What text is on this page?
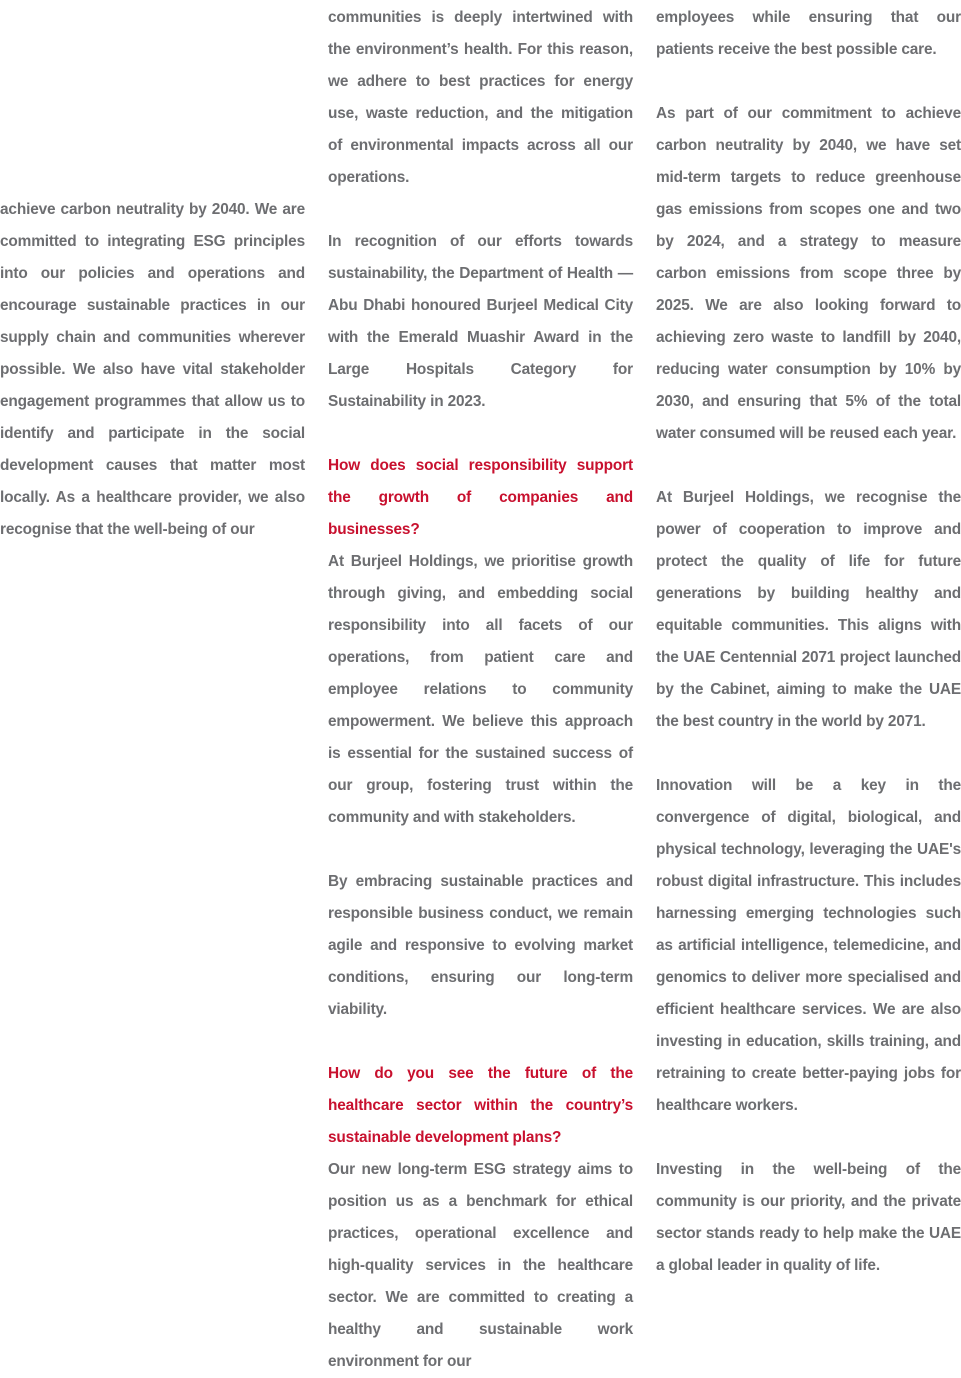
achieve carbon neutrality by 2040. We are committed to integrating ESG principles into our policies and operations and encourage sustainable practices in our supply chain and communities wherever possible. We also have vital stakeholder engagement programmes that allow us to identify and participate in the social development causes that matter most locally. As a healthcare provider, we also recognise that the well-being of our

communities is deeply intertwined with the environment’s health. For this reason, we adhere to best practices for energy use, waste reduction, and the mitigation of environmental impacts across all our operations.

In recognition of our efforts towards sustainability, the Department of Health — Abu Dhabi honoured Burjeel Medical City with the Emerald Muashir Award in the Large Hospitals Category for Sustainability in 2023.

How does social responsibility support the growth of companies and businesses?

At Burjeel Holdings, we prioritise growth through giving, and embedding social responsibility into all facets of our operations, from patient care and employee relations to community empowerment. We believe this approach is essential for the sustained success of our group, fostering trust within the community and with stakeholders.

By embracing sustainable practices and responsible business conduct, we remain agile and responsive to evolving market conditions, ensuring our long-term viability.

How do you see the future of the healthcare sector within the country’s sustainable development plans?

Our new long-term ESG strategy aims to position us as a benchmark for ethical practices, operational excellence and high-quality services in the healthcare sector. We are committed to creating a healthy and sustainable work environment for our

employees while ensuring that our patients receive the best possible care.

As part of our commitment to achieve carbon neutrality by 2040, we have set mid-term targets to reduce greenhouse gas emissions from scopes one and two by 2024, and a strategy to measure carbon emissions from scope three by 2025. We are also looking forward to achieving zero waste to landfill by 2040, reducing water consumption by 10% by 2030, and ensuring that 5% of the total water consumed will be reused each year.

At Burjeel Holdings, we recognise the power of cooperation to improve and protect the quality of life for future generations by building healthy and equitable communities. This aligns with the UAE Centennial 2071 project launched by the Cabinet, aiming to make the UAE the best country in the world by 2071.

Innovation will be a key in the convergence of digital, biological, and physical technology, leveraging the UAE's robust digital infrastructure. This includes harnessing emerging technologies such as artificial intelligence, telemedicine, and genomics to deliver more specialised and efficient healthcare services. We are also investing in education, skills training, and retraining to create better-paying jobs for healthcare workers.

Investing in the well-being of the community is our priority, and the private sector stands ready to help make the UAE a global leader in quality of life.
